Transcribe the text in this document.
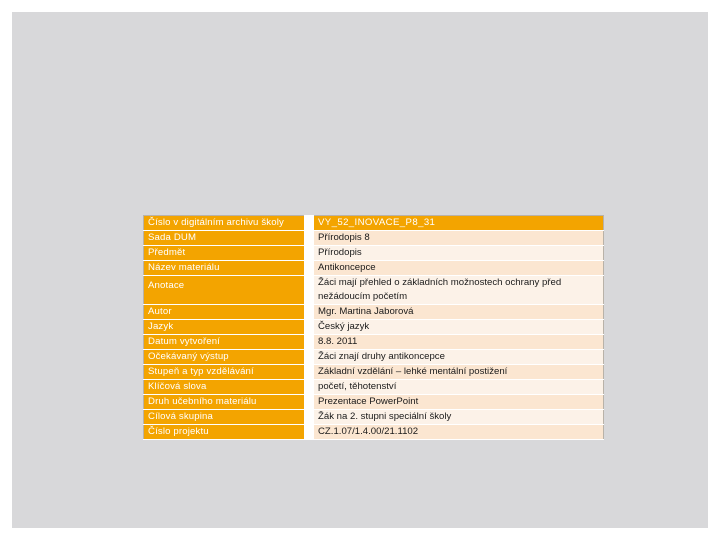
Číslo v digitálním archivu školy	VY_52_INOVACE_P8_31
Sada DUM	Přírodopis 8
Předmět	Přírodopis
Název materiálu	Antikoncepce
Anotace	Žáci mají přehled o základních možnostech ochrany před nežádoucím početím
Autor	Mgr. Martina Jaborová
Jazyk	Český jazyk
Datum vytvoření	8.8. 2011
Očekávaný výstup	Žáci znají druhy antikoncepce
Stupeň a typ vzdělávání	Základní vzdělání – lehké mentální postižení
Klíčová slova	početí, těhotenství
Druh učebního materiálu	Prezentace PowerPoint
Cílová skupina	Žák na 2. stupni speciální školy
Číslo projektu	CZ.1.07/1.4.00/21.1102
